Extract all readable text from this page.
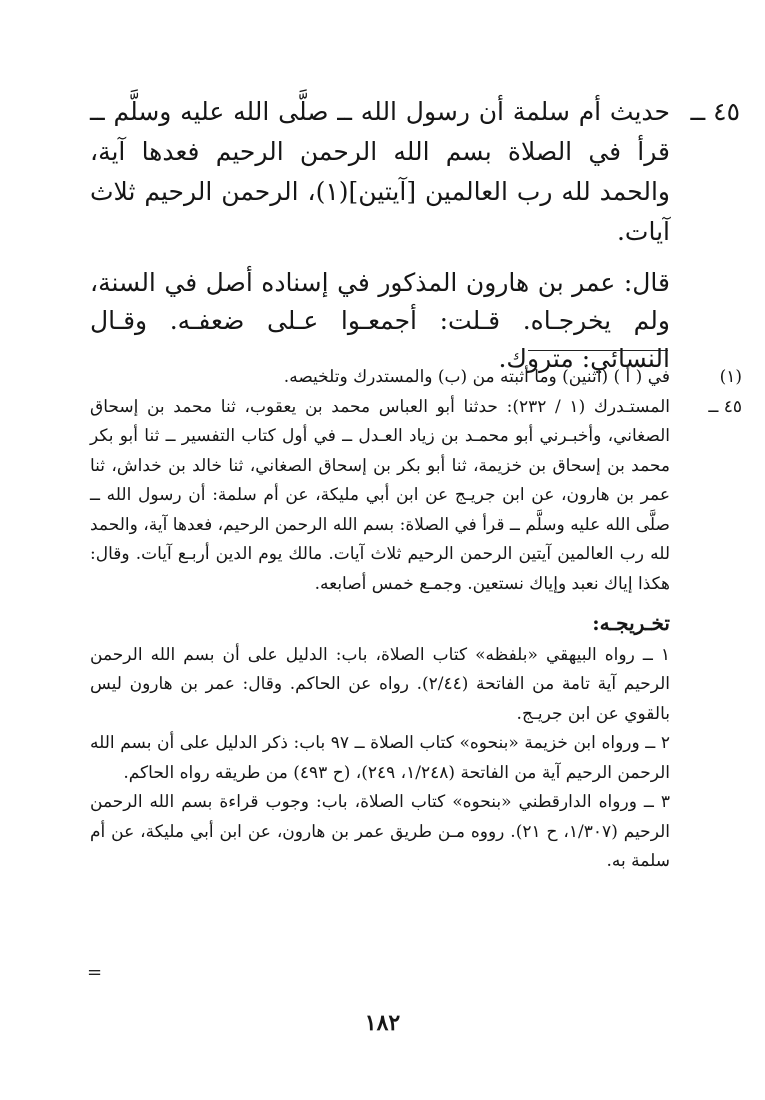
٤٥ ــ
حديث أم سلمة أن رسول الله ــ صلَّى الله عليه وسلَّم ــ قرأ في الصلاة بسم الله الرحمن الرحيم فعدها آية، والحمد لله رب العالمين [آيتين](١)، الرحمن الرحيم ثلاث آيات.
قال: عمر بن هارون المذكور في إسناده أصل في السنة، ولم يخرجـاه. قـلت: أجمعـوا عـلى ضعفـه. وقـال النسائي: متروك.
(١)
في ( أ ) (اثنين) وما أثبته من (ب) والمستدرك وتلخيصه.
٤٥ ــ
المستـدرك (١ / ٢٣٢): حدثنا أبو العباس محمد بن يعقوب، ثنا محمد بن إسحاق الصغاني، وأخبـرني أبو محمـد بن زياد العـدل ــ في أول كتاب التفسير ــ ثنا أبو بكر محمد بن إسحاق بن خزيمة، ثنا أبو بكر بن إسحاق الصغاني، ثنا خالد بن خداش، ثنا عمر بن هارون، عن ابن جريـج عن ابن أبي مليكة، عن أم سلمة: أن رسول الله ــ صلَّى الله عليه وسلَّم ــ قرأ في الصلاة: بسم الله الرحمن الرحيم، فعدها آية، والحمد لله رب العالمين آيتين الرحمن الرحيم ثلاث آيات. مالك يوم الدين أربـع آيات. وقال: هكذا إياك نعبد وإياك نستعين. وجمـع خمس أصابعه.
تخـريجـه:
١ ــ رواه البيهقي «بلفظه» كتاب الصلاة، باب: الدليل على أن بسم الله الرحمن الرحيم آية تامة من الفاتحة (٢/٤٤). رواه عن الحاكم. وقال: عمر بن هارون ليس بالقوي عن ابن جريـج.
٢ ــ ورواه ابن خزيمة «بنحوه» كتاب الصلاة ــ ٩٧ باب: ذكر الدليل على أن بسم الله الرحمن الرحيم آية من الفاتحة (١/٢٤٨، ٢٤٩)، (ح ٤٩٣) من طريقه رواه الحاكم.
٣ ــ ورواه الدارقطني «بنحوه» كتاب الصلاة، باب: وجوب قراءة بسم الله الرحمن الرحيم (١/٣٠٧، ح ٢١). رووه مـن طريق عمر بن هارون، عن ابن أبي مليكة، عن أم سلمة به.
=
١٨٢
